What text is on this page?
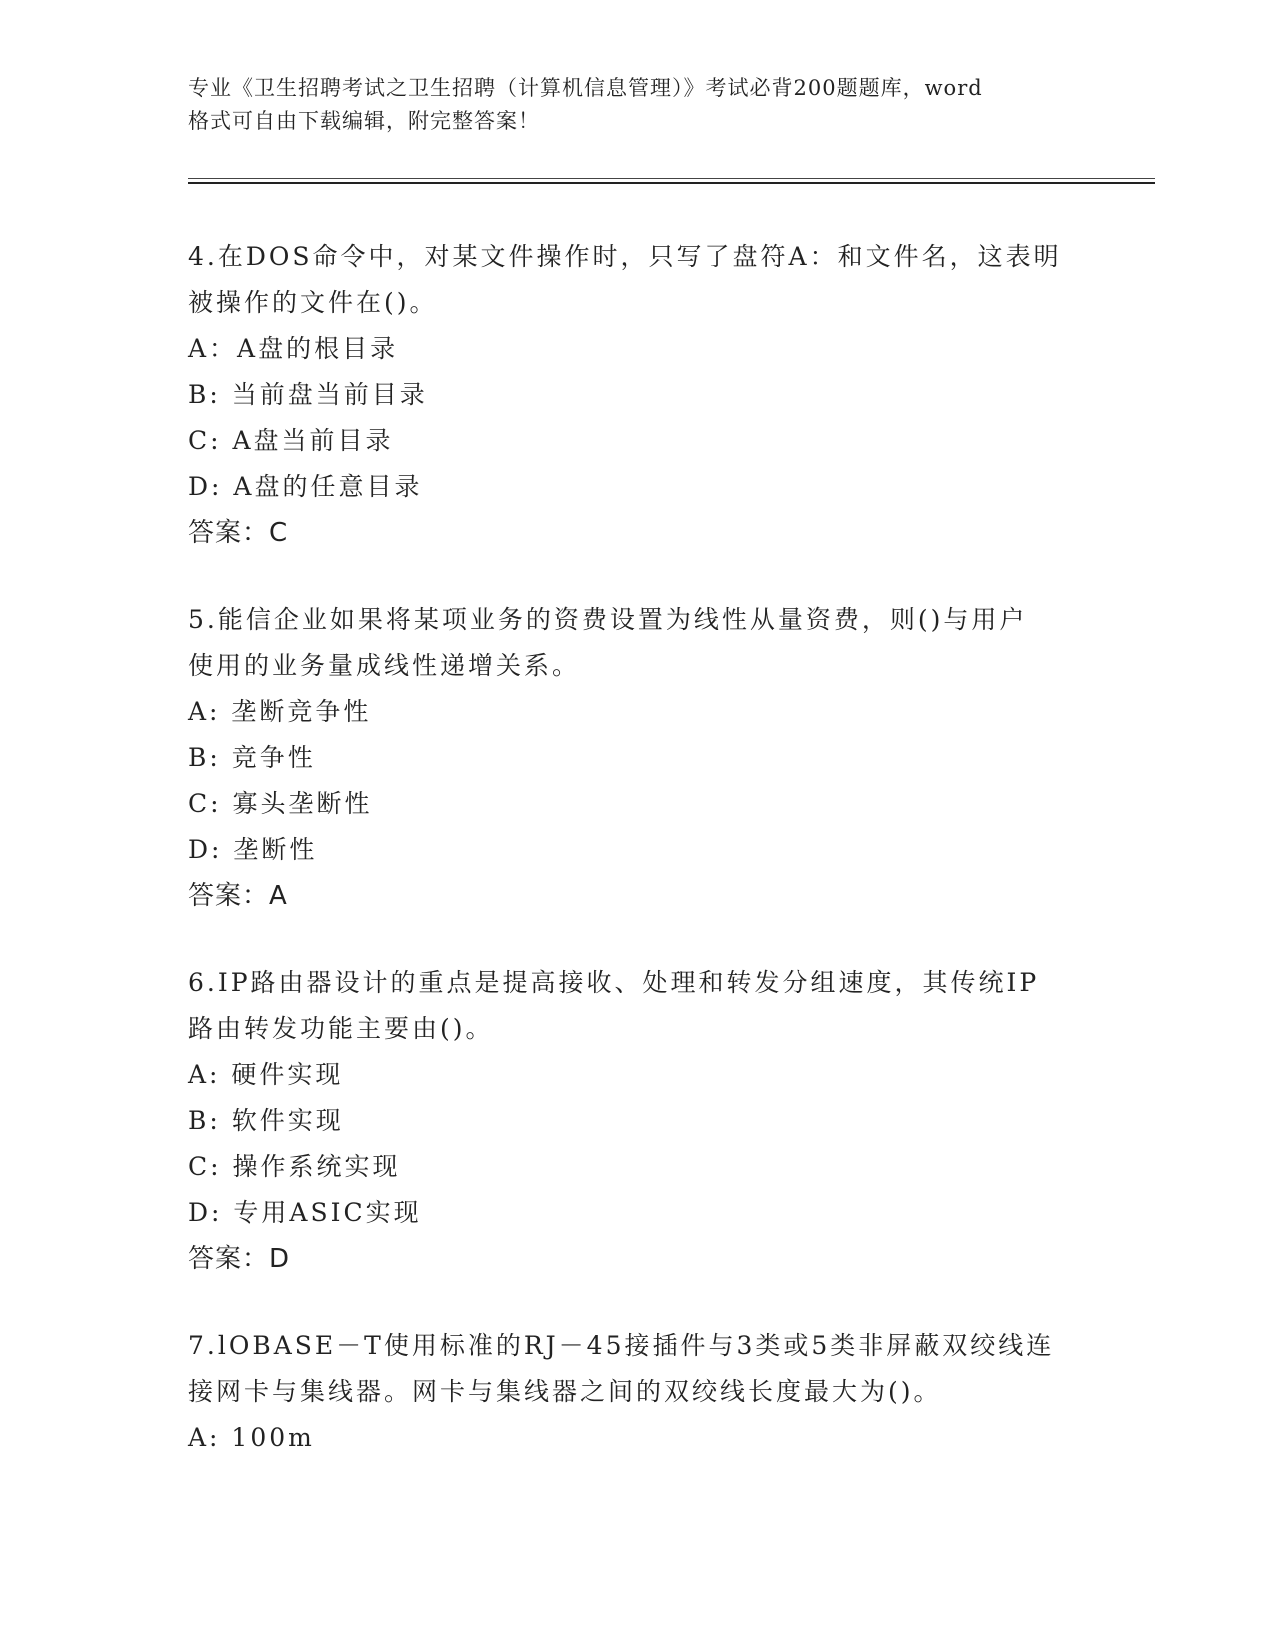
专业《卫生招聘考试之卫生招聘（计算机信息管理）》考试必背200题题库，word
格式可自由下载编辑，附完整答案！
4.在DOS命令中，对某文件操作时，只写了盘符A：和文件名，这表明
被操作的文件在()。
A：A盘的根目录
B: 当前盘当前目录
C: A盘当前目录
D: A盘的任意目录
答案：C
5.能信企业如果将某项业务的资费设置为线性从量资费，则()与用户
使用的业务量成线性递增关系。
A: 垄断竞争性
B: 竞争性
C: 寡头垄断性
D: 垄断性
答案：A
6.IP路由器设计的重点是提高接收、处理和转发分组速度，其传统IP
路由转发功能主要由()。
A: 硬件实现
B: 软件实现
C: 操作系统实现
D: 专用ASIC实现
答案：D
7.lOBASE－T使用标准的RJ－45接插件与3类或5类非屏蔽双绞线连
接网卡与集线器。网卡与集线器之间的双绞线长度最大为()。
A: 100m
